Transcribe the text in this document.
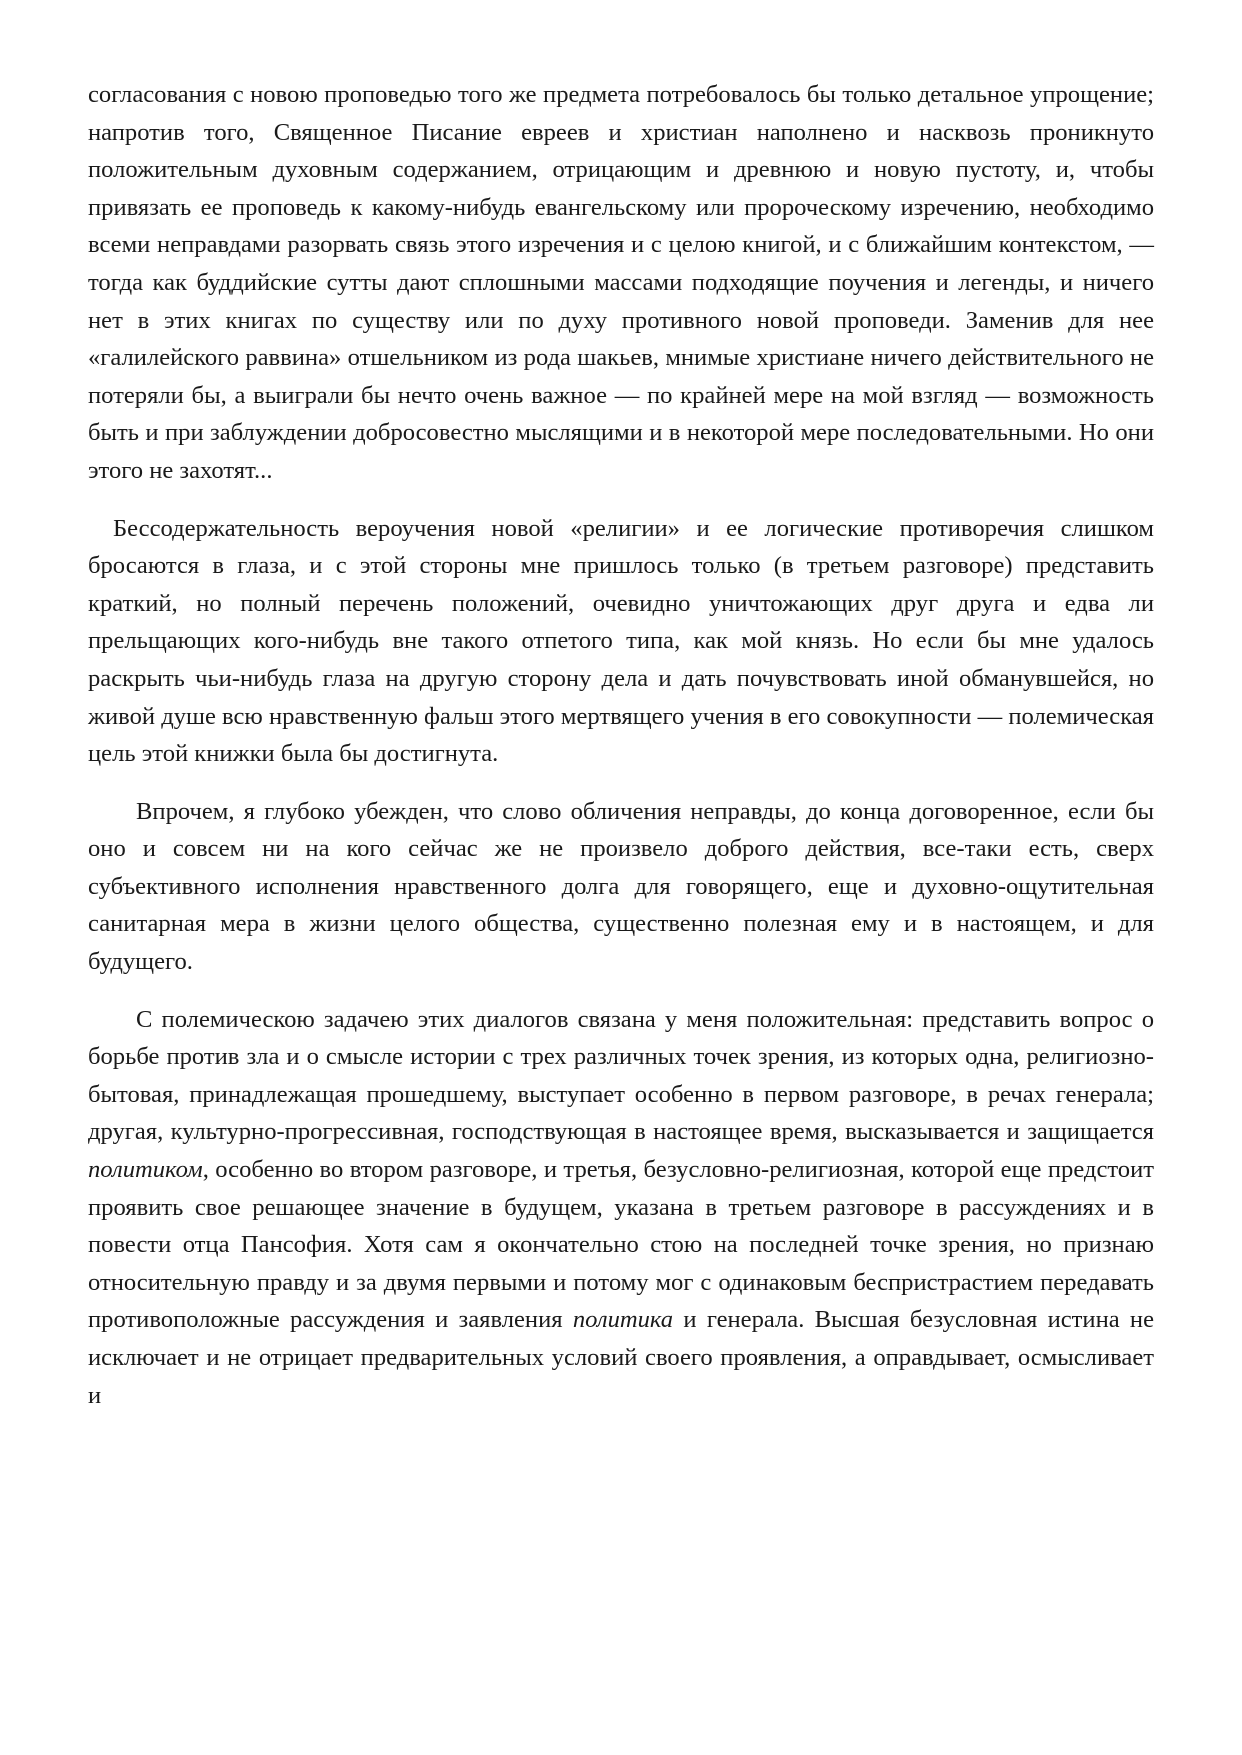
согласования с новою проповедью того же предмета потребовалось бы только детальное упрощение; напротив того, Священное Писание евреев и христиан наполнено и насквозь проникнуто положительным духовным содержанием, отрицающим и древнюю и новую пустоту, и, чтобы привязать ее проповедь к какому-нибудь евангельскому или пророческому изречению, необходимо всеми неправдами разорвать связь этого изречения и с целою книгой, и с ближайшим контекстом, — тогда как буддийские сутты дают сплошными массами подходящие поучения и легенды, и ничего нет в этих книгах по существу или по духу противного новой проповеди. Заменив для нее «галилейского раввина» отшельником из рода шакьев, мнимые христиане ничего действительного не потеряли бы, а выиграли бы нечто очень важное — по крайней мере на мой взгляд — возможность быть и при заблуждении добросовестно мыслящими и в некоторой мере последовательными. Но они этого не захотят...

Бессодержательность вероучения новой «религии» и ее логические противоречия слишком бросаются в глаза, и с этой стороны мне пришлось только (в третьем разговоре) представить краткий, но полный перечень положений, очевидно уничтожающих друг друга и едва ли прельщающих кого-нибудь вне такого отпетого типа, как мой князь. Но если бы мне удалось раскрыть чьи-нибудь глаза на другую сторону дела и дать почувствовать иной обманувшейся, но живой душе всю нравственную фальш этого мертвящего учения в его совокупности — полемическая цель этой книжки была бы достигнута.

Впрочем, я глубоко убежден, что слово обличения неправды, до конца договоренное, если бы оно и совсем ни на кого сейчас же не произвело доброго действия, все-таки есть, сверх субъективного исполнения нравственного долга для говорящего, еще и духовно-ощутительная санитарная мера в жизни целого общества, существенно полезная ему и в настоящем, и для будущего.

С полемическою задачею этих диалогов связана у меня положительная: представить вопрос о борьбе против зла и о смысле истории с трех различных точек зрения, из которых одна, религиозно-бытовая, принадлежащая прошедшему, выступает особенно в первом разговоре, в речах генерала; другая, культурно-прогрессивная, господствующая в настоящее время, высказывается и защищается политиком, особенно во втором разговоре, и третья, безусловно-религиозная, которой еще предстоит проявить свое решающее значение в будущем, указана в третьем разговоре в рассуждениях и в повести отца Пансофия. Хотя сам я окончательно стою на последней точке зрения, но признаю относительную правду и за двумя первыми и потому мог с одинаковым беспристрастием передавать противоположные рассуждения и заявления политика и генерала. Высшая безусловная истина не исключает и не отрицает предварительных условий своего проявления, а оправдывает, осмысливает и
